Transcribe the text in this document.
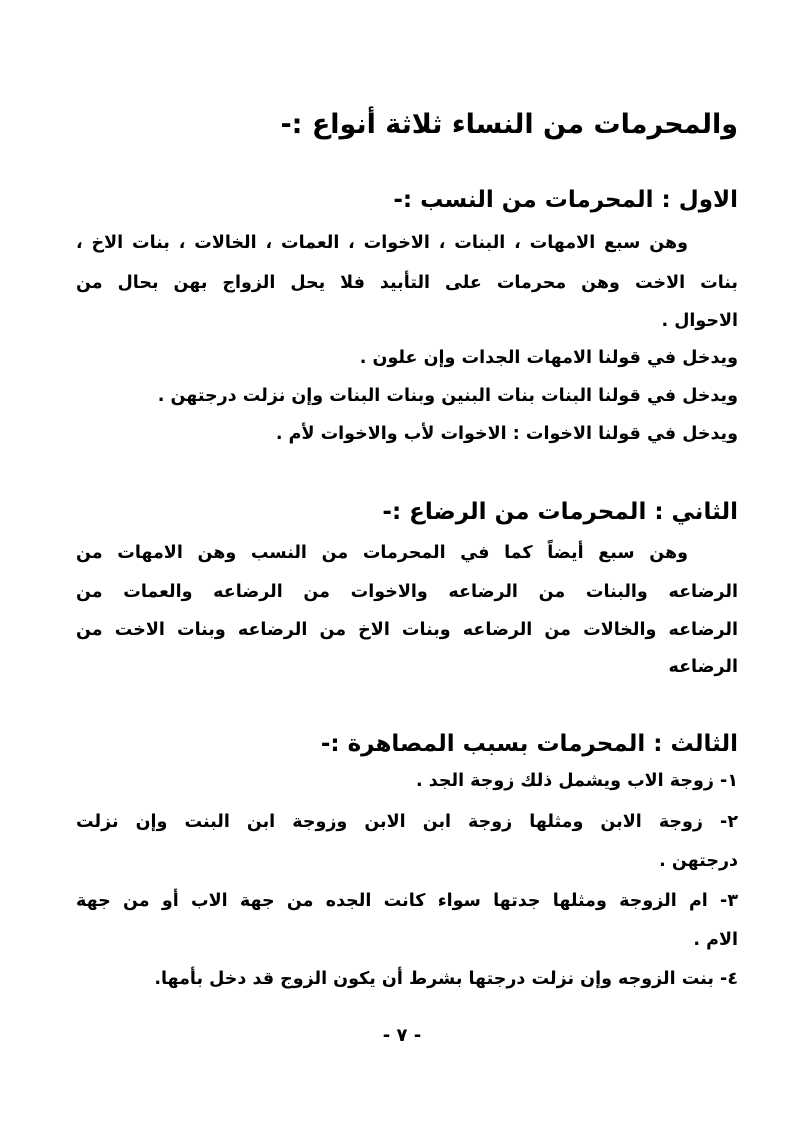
والمحرمات من النساء ثلاثة أنواع :-
الاول : المحرمات من النسب :-
وهن سبع الامهات ، البنات ، الاخوات ، العمات ، الخالات ، بنات الاخ ،
بنات الاخت وهن محرمات على التأبيد فلا يحل الزواج بهن بحال من
الاحوال .
ويدخل في قولنا الامهات الجدات وإن علون .
ويدخل في قولنا البنات بنات البنين وبنات البنات وإن نزلت درجتهن .
ويدخل في قولنا الاخوات : الاخوات لأب والاخوات لأم .
الثاني : المحرمات من الرضاع :-
وهن سبع أيضاً كما في المحرمات من النسب وهن الامهات من
الرضاعه والبنات من الرضاعه والاخوات من الرضاعه والعمات من
الرضاعه والخالات من الرضاعه وبنات الاخ من الرضاعه وبنات الاخت من
الرضاعه
الثالث : المحرمات بسبب المصاهرة :-
١- زوجة الاب ويشمل ذلك زوجة الجد .
٢- زوجة الابن ومثلها زوجة ابن الابن وزوجة ابن البنت وإن نزلت
درجتهن .
٣- ام الزوجة ومثلها جدتها سواء كانت الجده من جهة الاب أو من جهة
الام .
٤- بنت الزوجه وإن نزلت درجتها بشرط أن يكون الزوج قد دخل بأمها.
- ٧ -
